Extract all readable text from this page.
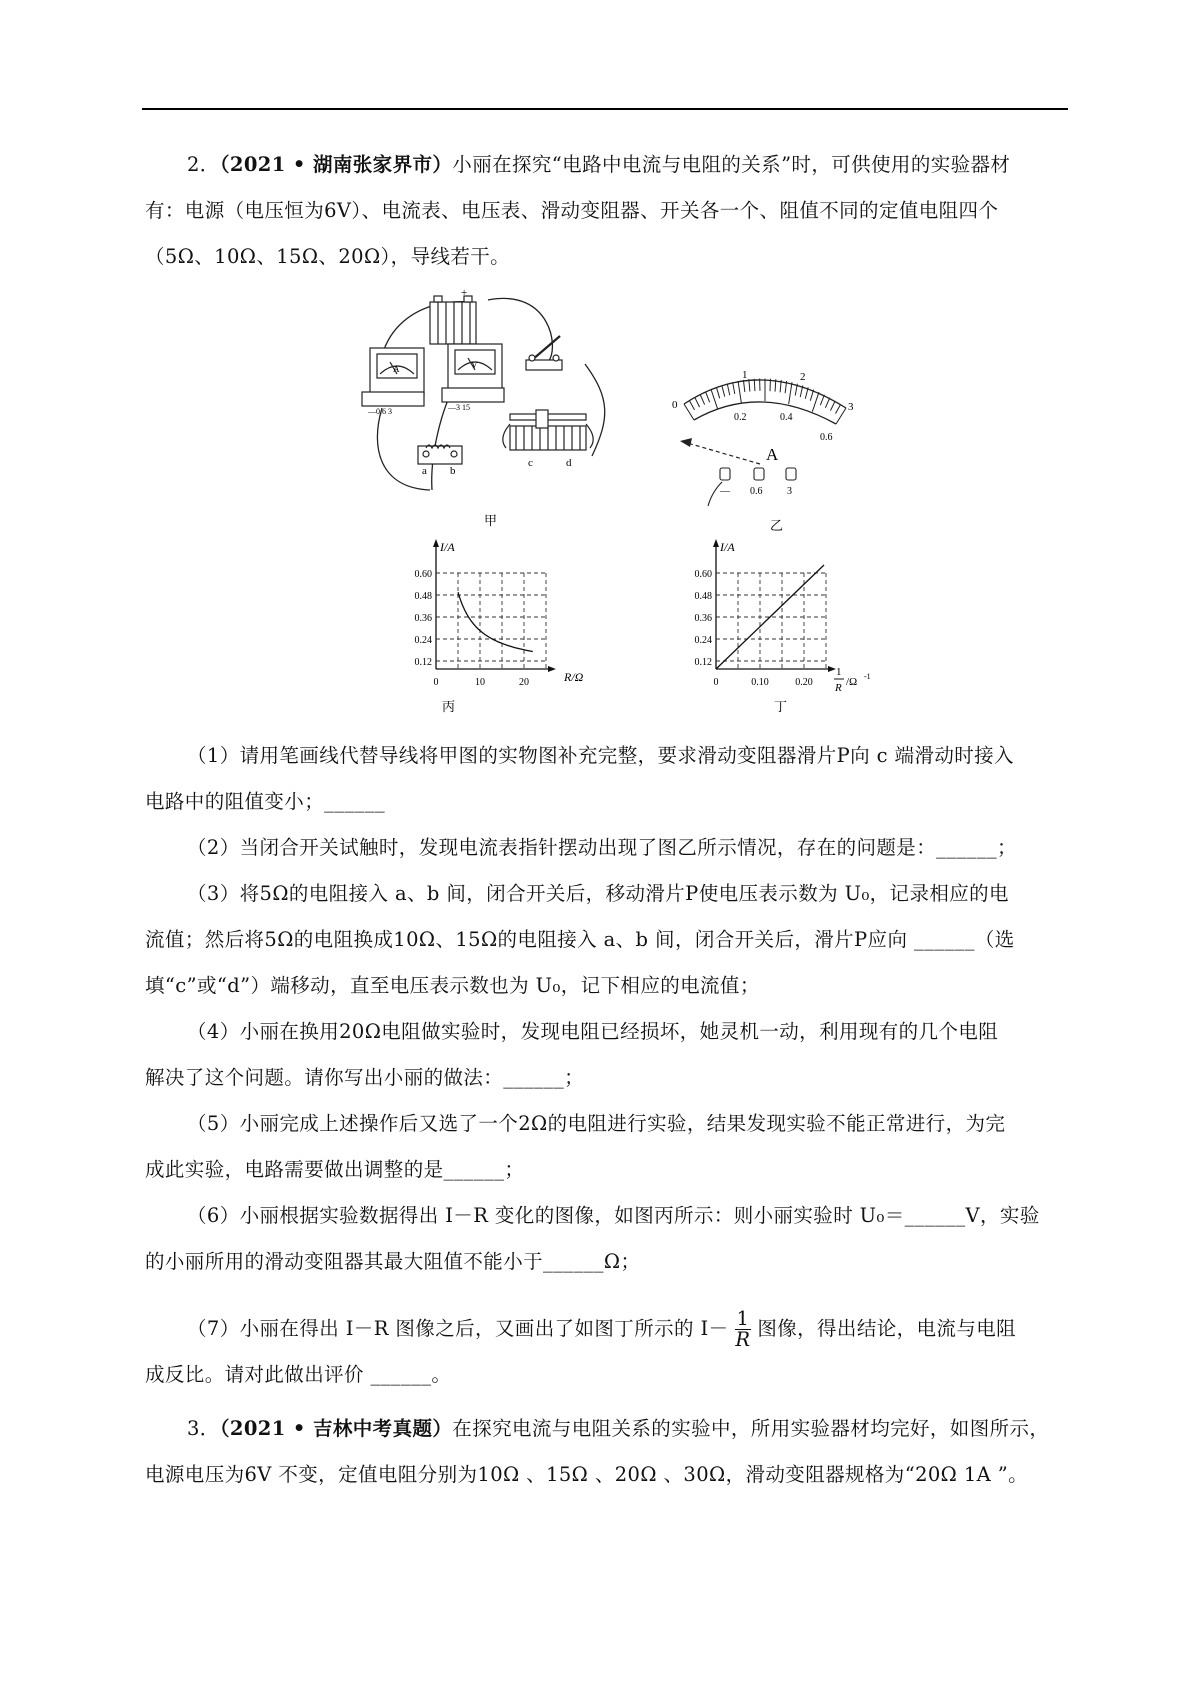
2．（2021 • 湖南张家界市）小丽在探究“电路中电流与电阻的关系”时，可供使用的实验器材
有：电源（电压恒为6V）、电流表、电压表、滑动变阻器、开关各一个、阻值不同的定值电阻四个
（5Ω、10Ω、15Ω、20Ω），导线若干。
+
A
—0.6 3
V
—3 15
a b
c	d
甲
0
1	2
3
0.2	0.4
0.6
A
— 0.6 3
乙
I/A
R/Ω
0.60
0.48
0.36
0.24
0.12
0	10	20
丙
I/A
1
R /Ω -1
0.60
0.48
0.36
0.24
0.12
0	0.10	0.20
丁
（1）请用笔画线代替导线将甲图的实物图补充完整，要求滑动变阻器滑片P向 c 端滑动时接入
电路中的阻值变小；______
（2）当闭合开关试触时，发现电流表指针摆动出现了图乙所示情况，存在的问题是：______；
（3）将5Ω的电阻接入 a、b 间，闭合开关后，移动滑片P使电压表示数为 U₀，记录相应的电
流值；然后将5Ω的电阻换成10Ω、15Ω的电阻接入 a、b 间，闭合开关后，滑片P应向 ______（选
填“c”或“d”）端移动，直至电压表示数也为 U₀，记下相应的电流值；
（4）小丽在换用20Ω电阻做实验时，发现电阻已经损坏，她灵机一动，利用现有的几个电阻
解决了这个问题。请你写出小丽的做法：______；
（5）小丽完成上述操作后又选了一个2Ω的电阻进行实验，结果发现实验不能正常进行，为完
成此实验，电路需要做出调整的是______；
（6）小丽根据实验数据得出 I－R 变化的图像，如图丙所示：则小丽实验时 U₀＝______V，实验
的小丽所用的滑动变阻器其最大阻值不能小于______Ω；
（7）小丽在得出 I－R 图像之后，又画出了如图丁所示的 $I- \frac{1}{R}$ 图像，得出结论，电流与电阻
成反比。请对此做出评价 ______。
3．（2021 • 吉林中考真题）在探究电流与电阻关系的实验中，所用实验器材均完好，如图所示，
电源电压为6V 不变，定值电阻分别为10Ω 、15Ω 、20Ω 、30Ω，滑动变阻器规格为“20Ω 1A ”。
